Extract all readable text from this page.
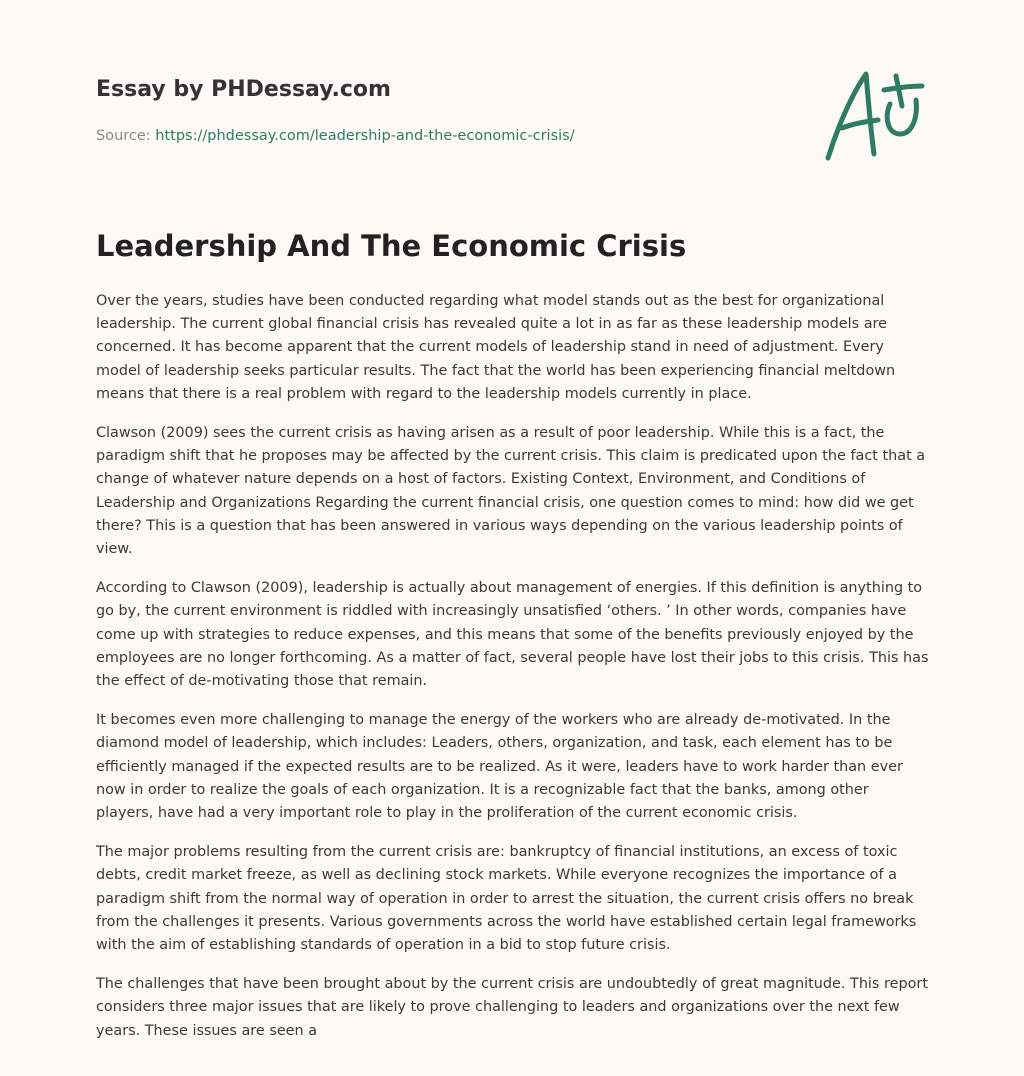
Essay by PHDessay.com
Source: https://phdessay.com/leadership-and-the-economic-crisis/
Leadership And The Economic Crisis

Over the years, studies have been conducted regarding what model stands out as the best for organizational leadership. The current global financial crisis has revealed quite a lot in as far as these leadership models are concerned. It has become apparent that the current models of leadership stand in need of adjustment. Every model of leadership seeks particular results. The fact that the world has been experiencing financial meltdown means that there is a real problem with regard to the leadership models currently in place.

Clawson (2009) sees the current crisis as having arisen as a result of poor leadership. While this is a fact, the paradigm shift that he proposes may be affected by the current crisis. This claim is predicated upon the fact that a change of whatever nature depends on a host of factors. Existing Context, Environment, and Conditions of Leadership and Organizations Regarding the current financial crisis, one question comes to mind: how did we get there? This is a question that has been answered in various ways depending on the various leadership points of view.

According to Clawson (2009), leadership is actually about management of energies. If this definition is anything to go by, the current environment is riddled with increasingly unsatisfied ‘others. ’ In other words, companies have come up with strategies to reduce expenses, and this means that some of the benefits previously enjoyed by the employees are no longer forthcoming. As a matter of fact, several people have lost their jobs to this crisis. This has the effect of de-motivating those that remain.

It becomes even more challenging to manage the energy of the workers who are already de-motivated. In the diamond model of leadership, which includes: Leaders, others, organization, and task, each element has to be efficiently managed if the expected results are to be realized. As it were, leaders have to work harder than ever now in order to realize the goals of each organization. It is a recognizable fact that the banks, among other players, have had a very important role to play in the proliferation of the current economic crisis.

The major problems resulting from the current crisis are: bankruptcy of financial institutions, an excess of toxic debts, credit market freeze, as well as declining stock markets. While everyone recognizes the importance of a paradigm shift from the normal way of operation in order to arrest the situation, the current crisis offers no break from the challenges it presents. Various governments across the world have established certain legal frameworks with the aim of establishing standards of operation in a bid to stop future crisis.

The challenges that have been brought about by the current crisis are undoubtedly of great magnitude. This report considers three major issues that are likely to prove challenging to leaders and organizations over the next few years. These issues are seen a
